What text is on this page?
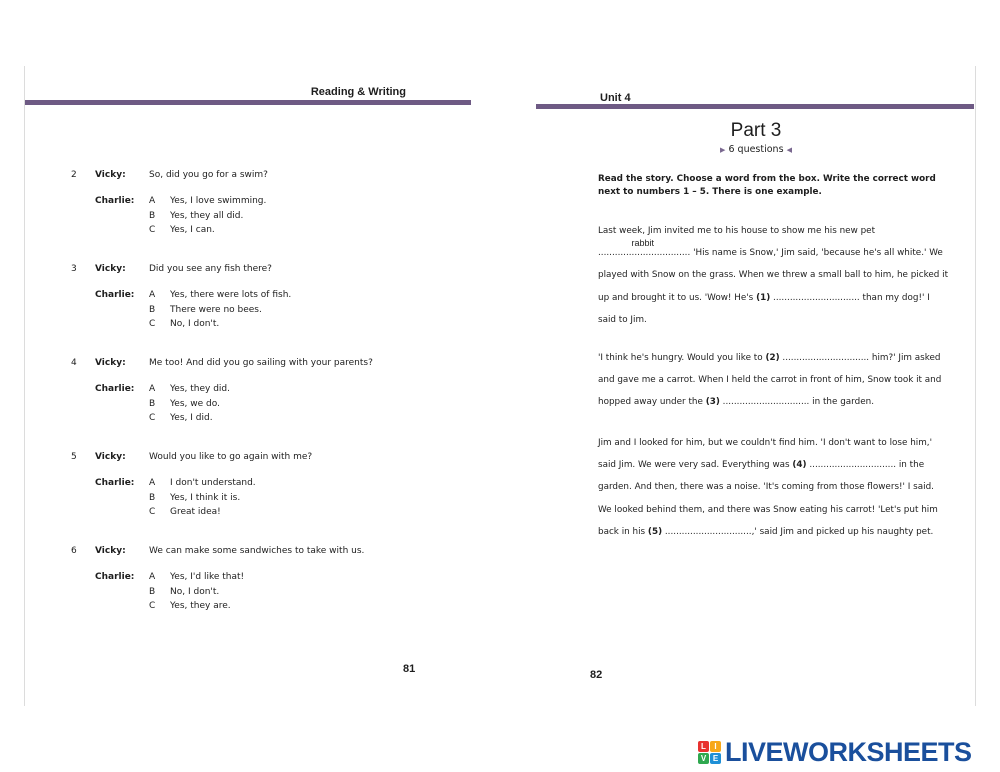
Reading & Writing
2 Vicky:	So, did you go for a swim?
Charlie: A	Yes, I love swimming.
B	Yes, they all did.
C	Yes, I can.
3 Vicky:	Did you see any fish there?
Charlie: A	Yes, there were lots of fish.
B	There were no bees.
C	No, I don't.
4 Vicky:	Me too! And did you go sailing with your parents?
Charlie: A	Yes, they did.
B	Yes, we do.
C	Yes, I did.
5 Vicky:	Would you like to go again with me?
Charlie: A	I don't understand.
B	Yes, I think it is.
C	Great idea!
6 Vicky:	We can make some sandwiches to take with us.
Charlie: A	Yes, I'd like that!
B	No, I don't.
C	Yes, they are.
81
Unit 4
Part 3
▶ 6 questions ◀
Read the story. Choose a word from the box. Write the correct word next to numbers 1 – 5. There is one example.
Last week, Jim invited me to his house to show me his new pet
................................
rabbit
. 'His name is Snow,' Jim said, 'because he's all white.' We played with Snow on the grass. When we threw a small ball to him, he picked it up and brought it to us. 'Wow! He's (1) ............................... than my dog!' I said to Jim.
'I think he's hungry. Would you like to (2) ............................... him?' Jim asked and gave me a carrot. When I held the carrot in front of him, Snow took it and hopped away under the (3) ............................... in the garden.
Jim and I looked for him, but we couldn't find him. 'I don't want to lose him,' said Jim. We were very sad. Everything was (4) ............................... in the garden. And then, there was a noise. 'It's coming from those flowers!' I said. We looked behind them, and there was Snow eating his carrot! 'Let's put him back in his (5) ...............................,' said Jim and picked up his naughty pet.
82
L	I
V E LIVEWORKSHEETS
